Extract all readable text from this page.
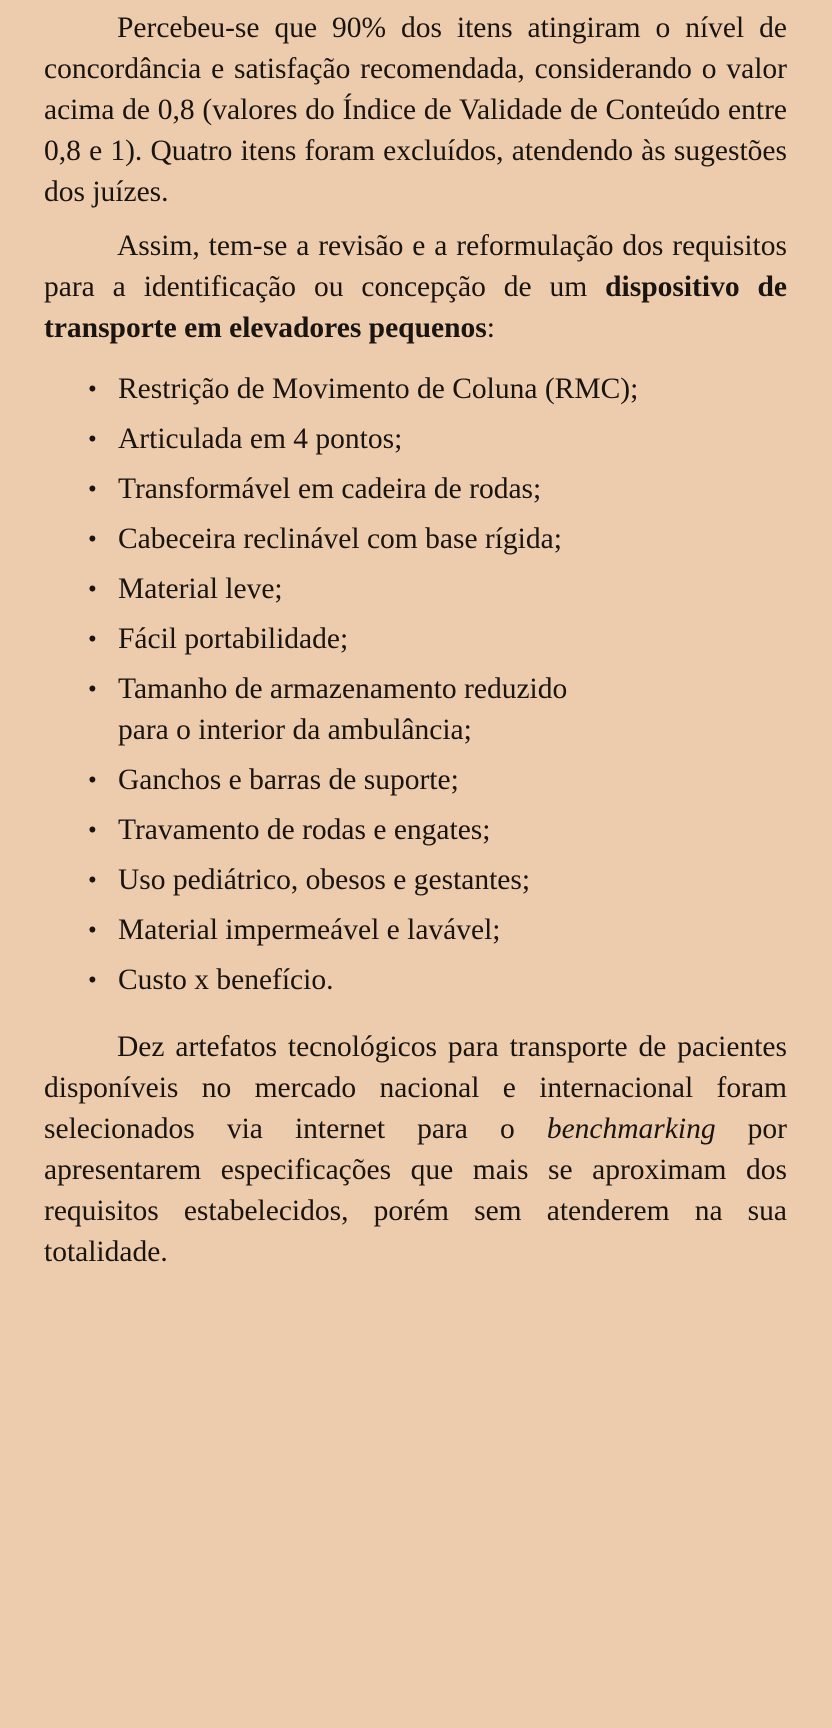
Percebeu-se que 90% dos itens atingiram o nível de concordância e satisfação recomendada, considerando o valor acima de 0,8 (valores do Índice de Validade de Conteúdo entre 0,8 e 1). Quatro itens foram excluídos, atendendo às sugestões dos juízes.

Assim, tem-se a revisão e a reformulação dos requisitos para a identificação ou concepção de um dispositivo de transporte em elevadores pequenos:

• Restrição de Movimento de Coluna (RMC);
• Articulada em 4 pontos;
• Transformável em cadeira de rodas;
• Cabeceira reclinável com base rígida;
• Material leve;
• Fácil portabilidade;
• Tamanho de armazenamento reduzido
para o interior da ambulância;
• Ganchos e barras de suporte;
• Travamento de rodas e engates;
• Uso pediátrico, obesos e gestantes;
• Material impermeável e lavável;
• Custo x benefício.

Dez artefatos tecnológicos para transporte de pacientes disponíveis no mercado nacional e internacional foram selecionados via internet para o benchmarking por apresentarem especificações que mais se aproximam dos requisitos estabelecidos, porém sem atenderem na sua totalidade.
